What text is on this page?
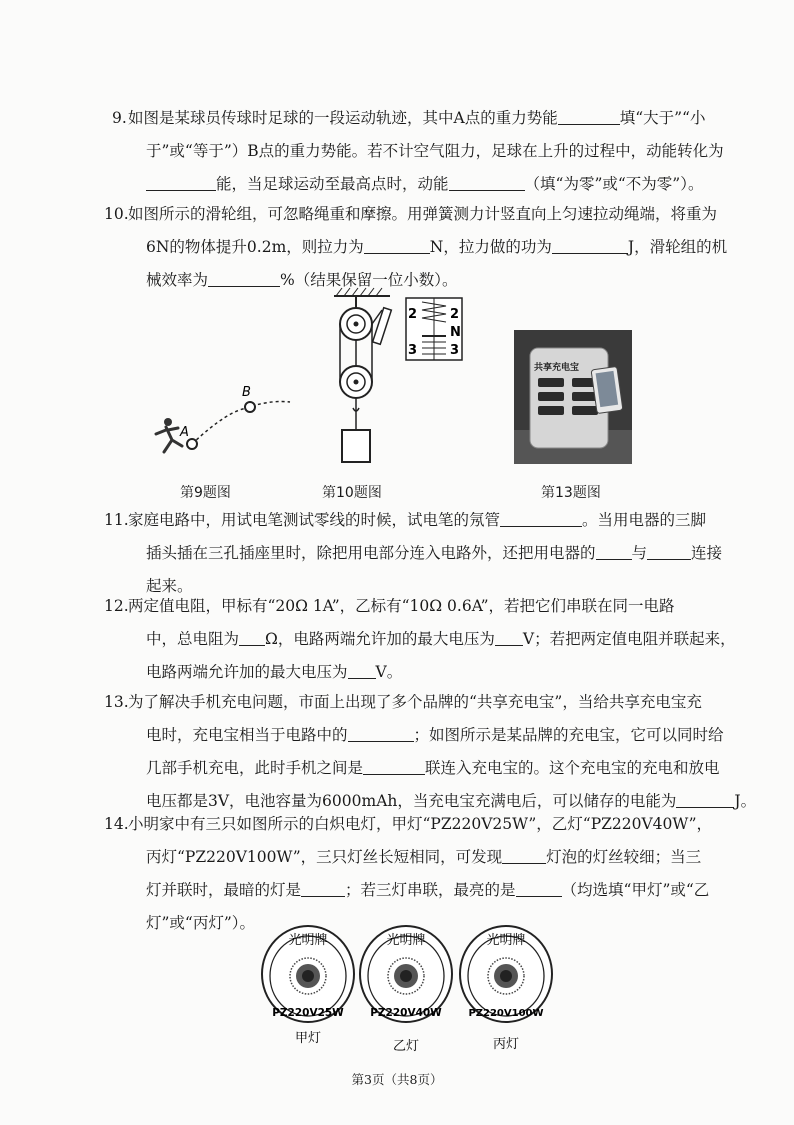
9. 如图是某球员传球时足球的一段运动轨迹，其中A点的重力势能	填“大于”“小
于”或“等于”）B点的重力势能。若不计空气阻力，足球在上升的过程中，动能转化为
能，当足球运动至最高点时，动能	（填“为零”或“不为零”）。
10. 如图所示的滑轮组，可忽略绳重和摩擦。用弹簧测力计竖直向上匀速拉动绳端，将重为
6N的物体提升0.2m，则拉力为	N，拉力做的功为	J，滑轮组的机
械效率为	%（结果保留一位小数）。
A
B
第9题图
2	2
N
3	3
第10题图
共享充电宝
第13题图
11. 家庭电路中，用试电笔测试零线的时候，试电笔的氖管	。当用电器的三脚
插头插在三孔插座里时，除把用电部分连入电路外，还把用电器的 与	连接
起来。
12. 两定值电阻，甲标有“20Ω 1A”，乙标有“10Ω 0.6A”，若把它们串联在同一电路
中，总电阻为 Ω，电路两端允许加的最大电压为 V；若把两定值电阻并联起来，
电路两端允许加的最大电压为 V。
13. 为了解决手机充电问题，市面上出现了多个品牌的“共享充电宝”，当给共享充电宝充
电时，充电宝相当于电路中的	；如图所示是某品牌的充电宝，它可以同时给
几部手机充电，此时手机之间是	联连入充电宝的。这个充电宝的充电和放电
电压都是3V，电池容量为6000mAh，当充电宝充满电后，可以储存的电能为	J。
14. 小明家中有三只如图所示的白炽电灯，甲灯“PZ220V25W”，乙灯“PZ220V40W”，
丙灯“PZ220V100W”，三只灯丝长短相同，可发现	灯泡的灯丝较细；当三
灯并联时，最暗的灯是	；若三灯串联，最亮的是	（均选填“甲灯”或“乙
灯”或“丙灯”）。
光明牌
PZ220V25W
甲灯
光明牌
PZ220V40W
乙灯
光明牌
PZ220V100W
丙灯
第3页（共8页）
